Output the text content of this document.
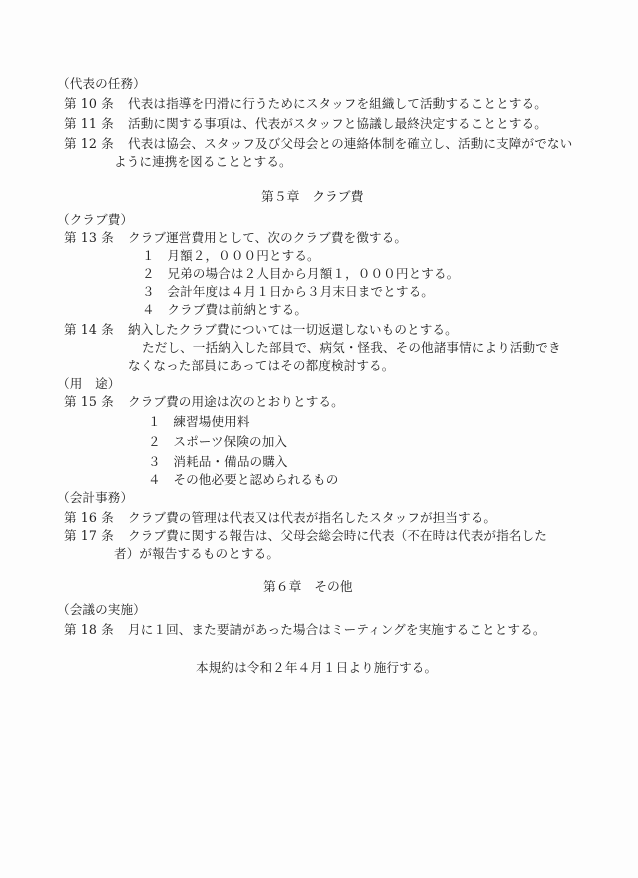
（代表の任務）
第 10 条 代表は指導を円滑に行うためにスタッフを組織して活動することとする。
第 11 条 活動に関する事項は、代表がスタッフと協議し最終決定することとする。
第 12 条 代表は協会、スタッフ及び父母会との連絡体制を確立し、活動に支障がでない
ように連携を図ることとする。
第５章　クラブ費
（クラブ費）
第 13 条 クラブ運営費用として、次のクラブ費を徴する。
１　月額２，０００円とする。
２　兄弟の場合は２人目から月額１，０００円とする。
３　会計年度は４月１日から３月末日までとする。
４　クラブ費は前納とする。
第 14 条 納入したクラブ費については一切返還しないものとする。
ただし、一括納入した部員で、病気・怪我、その他諸事情により活動でき
なくなった部員にあってはその都度検討する。
（用　途）
第 15 条 クラブ費の用途は次のとおりとする。
１　練習場使用料
２　スポーツ保険の加入
３　消耗品・備品の購入
４　その他必要と認められるもの
（会計事務）
第 16 条 クラブ費の管理は代表又は代表が指名したスタッフが担当する。
第 17 条 クラブ費に関する報告は、父母会総会時に代表（不在時は代表が指名した
者）が報告するものとする。
第６章　その他
（会議の実施）
第 18 条 月に１回、また要請があった場合はミーティングを実施することとする。
本規約は令和２年４月１日より施行する。
